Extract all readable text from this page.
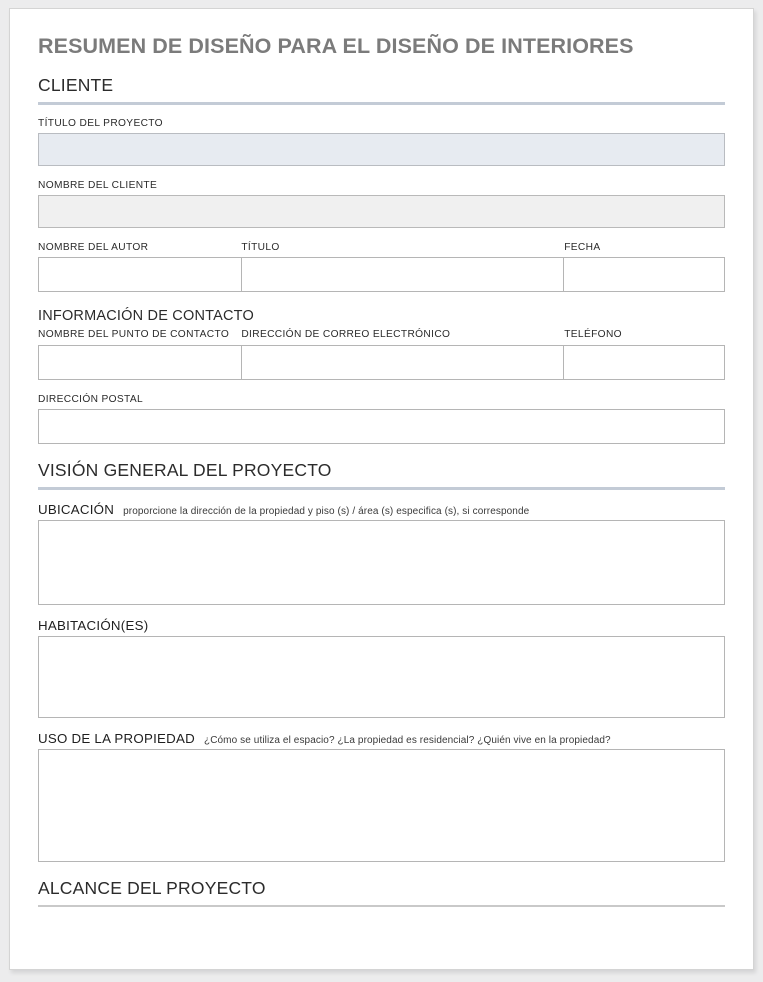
RESUMEN DE DISEÑO PARA EL DISEÑO DE INTERIORES
CLIENTE
TÍTULO DEL PROYECTO
NOMBRE DEL CLIENTE
NOMBRE DEL AUTOR	TÍTULO	FECHA
INFORMACIÓN DE CONTACTO
NOMBRE DEL PUNTO DE CONTACTO	DIRECCIÓN DE CORREO ELECTRÓNICO	TELÉFONO
DIRECCIÓN POSTAL
VISIÓN GENERAL DEL PROYECTO
UBICACIÓN proporcione la dirección de la propiedad y piso (s) / área (s) especifica (s), si corresponde
HABITACIÓN(ES)
USO DE LA PROPIEDAD ¿Cómo se utiliza el espacio? ¿La propiedad es residencial? ¿Quién vive en la propiedad?
ALCANCE DEL PROYECTO
